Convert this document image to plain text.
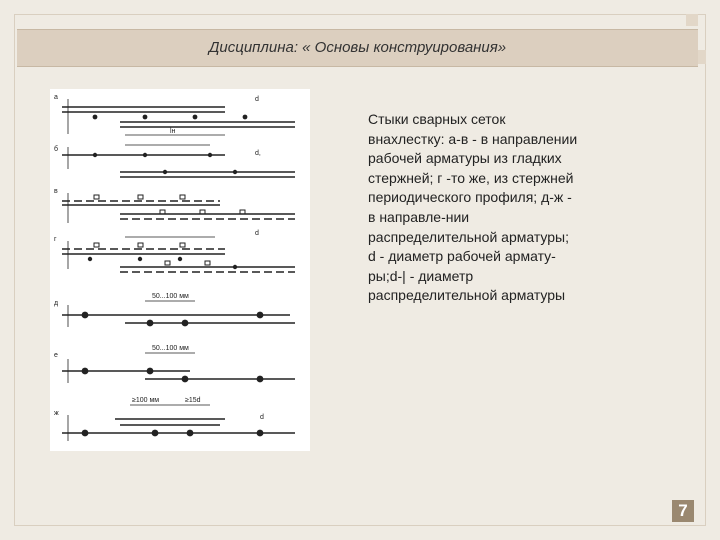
Дисциплина: « Основы конструирования»
а
б
в
г
д
е
ж
d
lн
d,
d
50...100 мм
50...100 мм
≥100 мм	≥15d
d
Стыки сварных сеток внахлестку: а-в - в направлении рабочей арматуры из гладких стержней; г -то же, из стержней периодического профиля; д-ж - в направле-нии распределительной арматуры; d - диаметр рабочей армату-ры;d-| - диаметр распределительной арматуры
7
